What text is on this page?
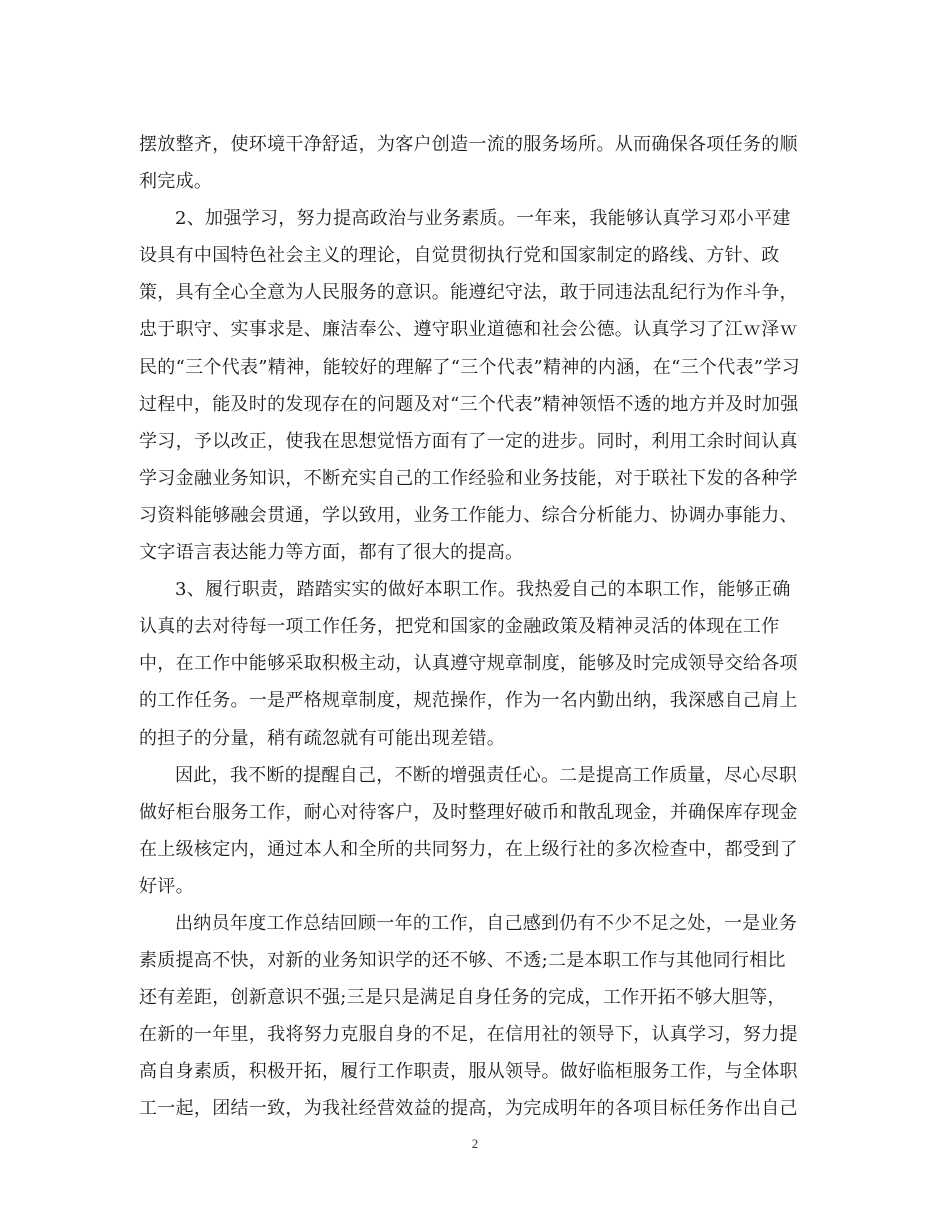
摆放整齐，使环境干净舒适，为客户创造一流的服务场所。从而确保各项任务的顺
利完成。
2、加强学习，努力提高政治与业务素质。一年来，我能够认真学习邓小平建
设具有中国特色社会主义的理论，自觉贯彻执行党和国家制定的路线、方针、政
策，具有全心全意为人民服务的意识。能遵纪守法，敢于同违法乱纪行为作斗争，
忠于职守、实事求是、廉洁奉公、遵守职业道德和社会公德。认真学习了江ｗ泽ｗ
民的“三个代表”精神，能较好的理解了“三个代表”精神的内涵，在“三个代表”学习
过程中，能及时的发现存在的问题及对“三个代表”精神领悟不透的地方并及时加强
学习，予以改正，使我在思想觉悟方面有了一定的进步。同时，利用工余时间认真
学习金融业务知识，不断充实自己的工作经验和业务技能，对于联社下发的各种学
习资料能够融会贯通，学以致用，业务工作能力、综合分析能力、协调办事能力、
文字语言表达能力等方面，都有了很大的提高。
3、履行职责，踏踏实实的做好本职工作。我热爱自己的本职工作，能够正确
认真的去对待每一项工作任务，把党和国家的金融政策及精神灵活的体现在工作
中，在工作中能够采取积极主动，认真遵守规章制度，能够及时完成领导交给各项
的工作任务。一是严格规章制度，规范操作，作为一名内勤出纳，我深感自己肩上
的担子的分量，稍有疏忽就有可能出现差错。
因此，我不断的提醒自己，不断的增强责任心。二是提高工作质量，尽心尽职
做好柜台服务工作，耐心对待客户，及时整理好破币和散乱现金，并确保库存现金
在上级核定内，通过本人和全所的共同努力，在上级行社的多次检查中，都受到了
好评。
出纳员年度工作总结回顾一年的工作，自己感到仍有不少不足之处，一是业务
素质提高不快，对新的业务知识学的还不够、不透;二是本职工作与其他同行相比
还有差距，创新意识不强;三是只是满足自身任务的完成，工作开拓不够大胆等，
在新的一年里，我将努力克服自身的不足，在信用社的领导下，认真学习，努力提
高自身素质，积极开拓，履行工作职责，服从领导。做好临柜服务工作，与全体职
工一起，团结一致，为我社经营效益的提高，为完成明年的各项目标任务作出自己
2
